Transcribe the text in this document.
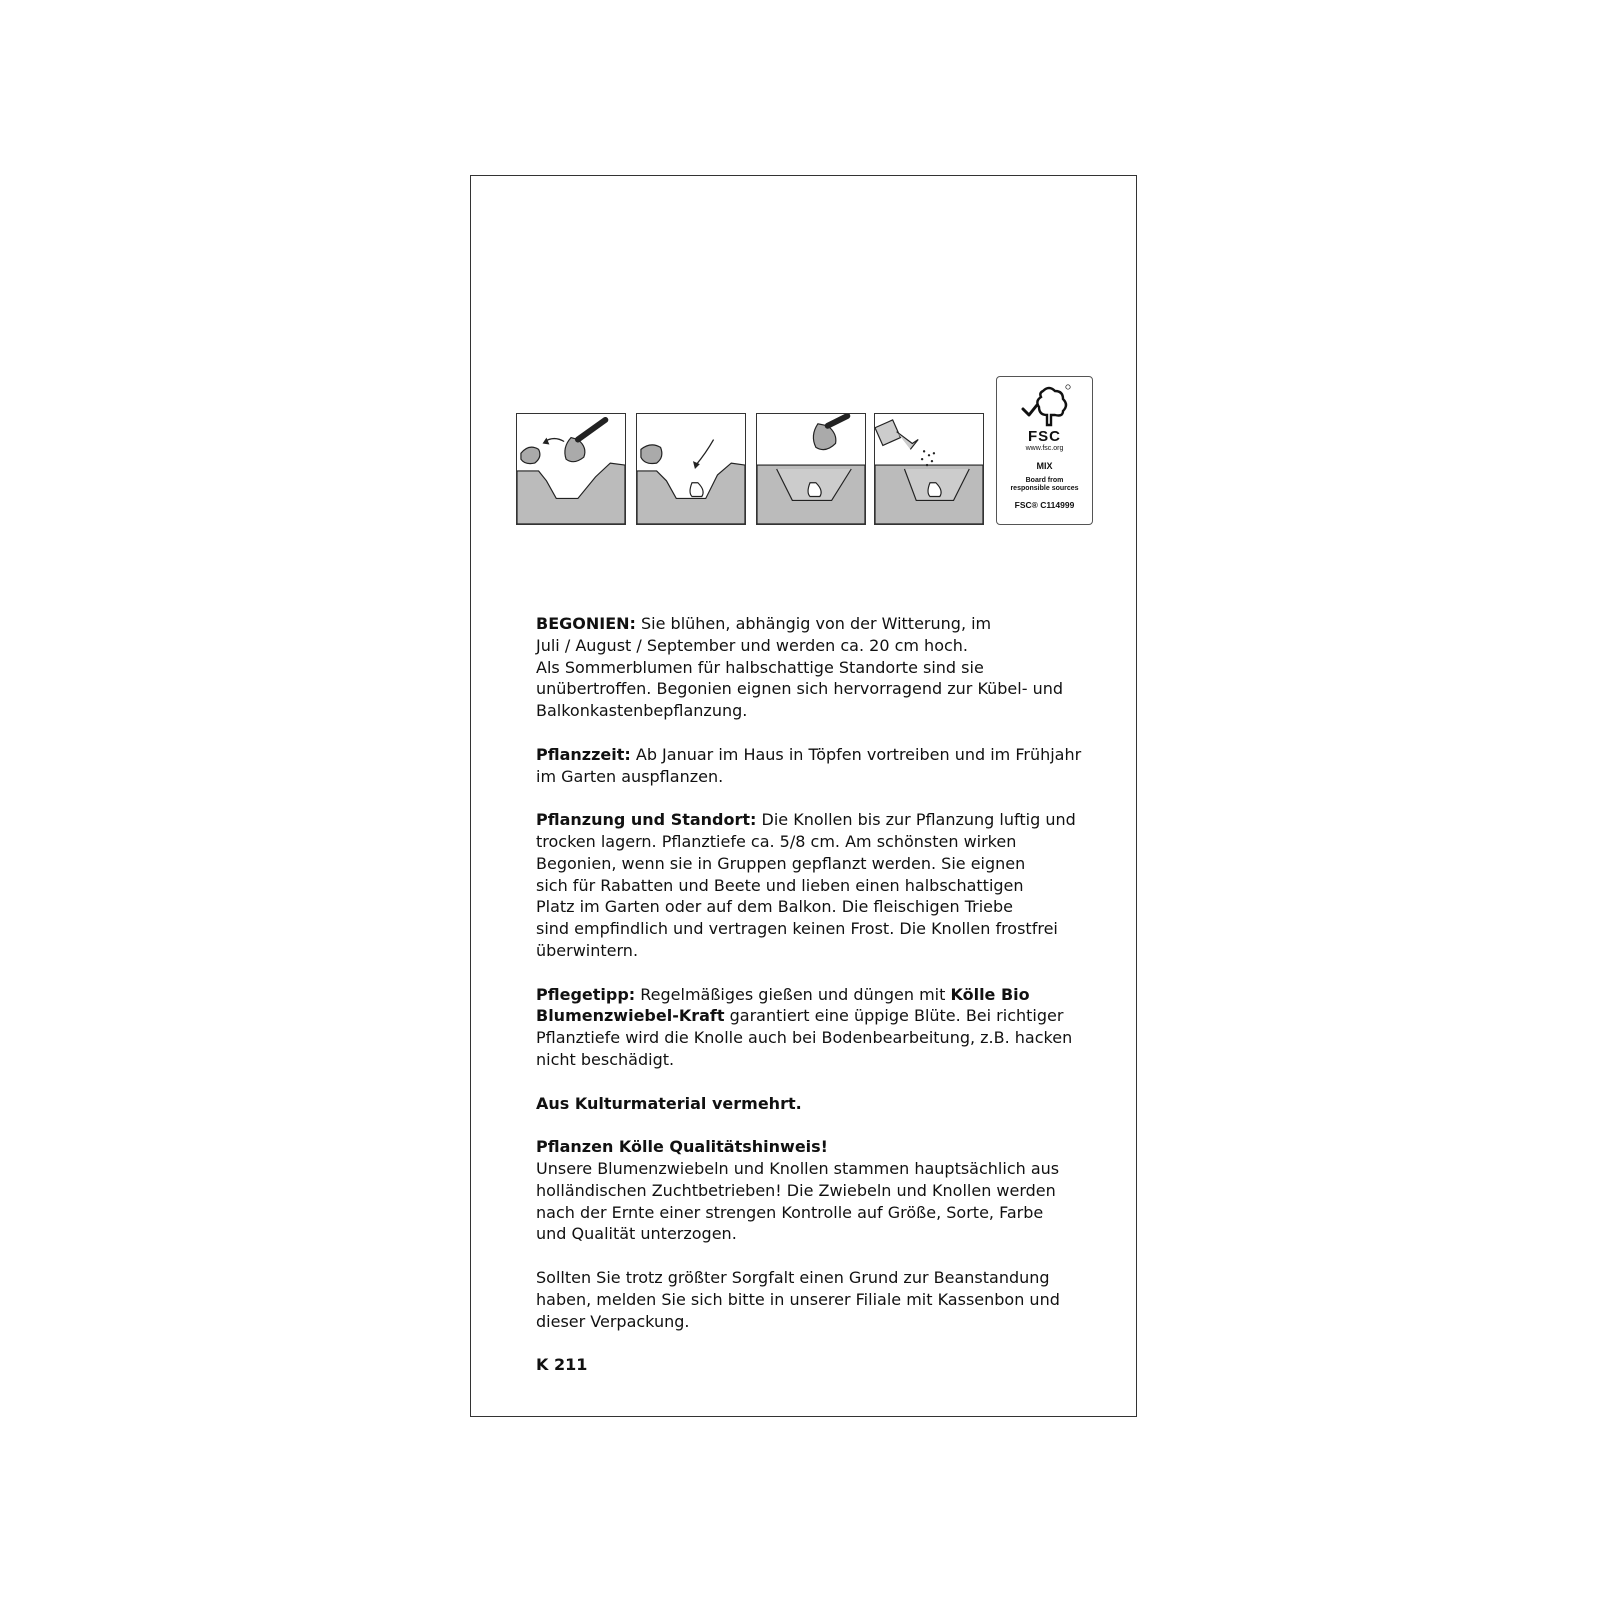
FSC
www.fsc.org
MIX
Board from
responsible sources
FSC® C114999

BEGONIEN: Sie blühen, abhängig von der Witterung, im
Juli / August / September und werden ca. 20 cm hoch.
Als Sommerblumen für halbschattige Standorte sind sie
unübertroffen. Begonien eignen sich hervorragend zur Kübel- und
Balkonkastenbepflanzung.

Pflanzzeit: Ab Januar im Haus in Töpfen vortreiben und im Frühjahr
im Garten auspflanzen.

Pflanzung und Standort: Die Knollen bis zur Pflanzung luftig und
trocken lagern. Pflanztiefe ca. 5/8 cm. Am schönsten wirken
Begonien, wenn sie in Gruppen gepflanzt werden. Sie eignen
sich für Rabatten und Beete und lieben einen halbschattigen
Platz im Garten oder auf dem Balkon. Die fleischigen Triebe
sind empfindlich und vertragen keinen Frost. Die Knollen frostfrei
überwintern.

Pflegetipp: Regelmäßiges gießen und düngen mit Kölle Bio
Blumenzwiebel-Kraft garantiert eine üppige Blüte. Bei richtiger
Pflanztiefe wird die Knolle auch bei Bodenbearbeitung, z.B. hacken
nicht beschädigt.

Aus Kulturmaterial vermehrt.

Pflanzen Kölle Qualitätshinweis!
Unsere Blumenzwiebeln und Knollen stammen hauptsächlich aus
holländischen Zuchtbetrieben! Die Zwiebeln und Knollen werden
nach der Ernte einer strengen Kontrolle auf Größe, Sorte, Farbe
und Qualität unterzogen.

Sollten Sie trotz größter Sorgfalt einen Grund zur Beanstandung
haben, melden Sie sich bitte in unserer Filiale mit Kassenbon und
dieser Verpackung.

K 211
